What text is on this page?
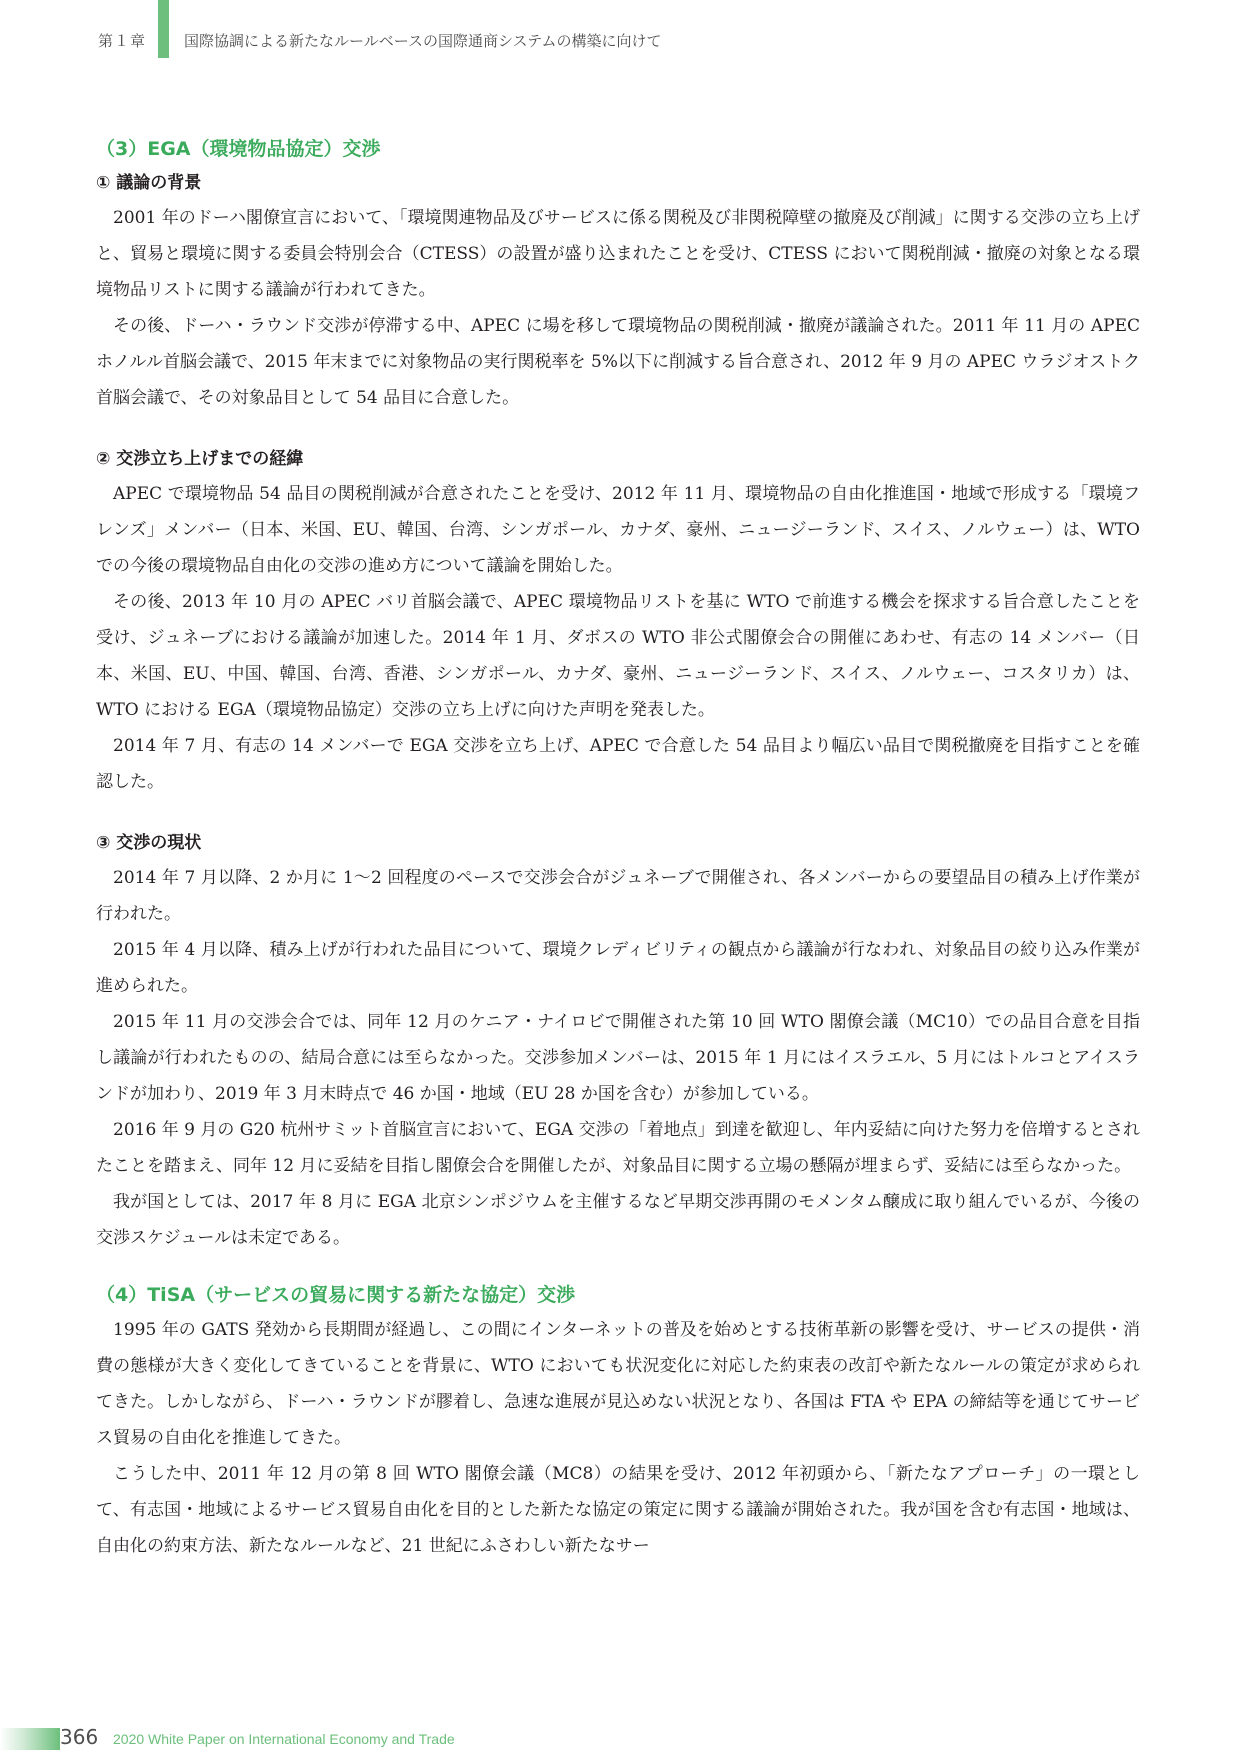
第１章	国際協調による新たなルールベースの国際通商システムの構築に向けて
（3）EGA（環境物品協定）交渉
① 議論の背景

2001 年のドーハ閣僚宣言において、「環境関連物品及びサービスに係る関税及び非関税障壁の撤廃及び削減」に関する交渉の立ち上げと、貿易と環境に関する委員会特別会合（CTESS）の設置が盛り込まれたことを受け、CTESS において関税削減・撤廃の対象となる環境物品リストに関する議論が行われてきた。

その後、ドーハ・ラウンド交渉が停滞する中、APEC に場を移して環境物品の関税削減・撤廃が議論された。2011 年 11 月の APEC ホノルル首脳会議で、2015 年末までに対象物品の実行関税率を 5%以下に削減する旨合意され、2012 年 9 月の APEC ウラジオストク首脳会議で、その対象品目として 54 品目に合意した。

② 交渉立ち上げまでの経緯

APEC で環境物品 54 品目の関税削減が合意されたことを受け、2012 年 11 月、環境物品の自由化推進国・地域で形成する「環境フレンズ」メンバー（日本、米国、EU、韓国、台湾、シンガポール、カナダ、豪州、ニュージーランド、スイス、ノルウェー）は、WTO での今後の環境物品自由化の交渉の進め方について議論を開始した。

その後、2013 年 10 月の APEC バリ首脳会議で、APEC 環境物品リストを基に WTO で前進する機会を探求する旨合意したことを受け、ジュネーブにおける議論が加速した。2014 年 1 月、ダボスの WTO 非公式閣僚会合の開催にあわせ、有志の 14 メンバー（日本、米国、EU、中国、韓国、台湾、香港、シンガポール、カナダ、豪州、ニュージーランド、スイス、ノルウェー、コスタリカ）は、WTO における EGA（環境物品協定）交渉の立ち上げに向けた声明を発表した。

2014 年 7 月、有志の 14 メンバーで EGA 交渉を立ち上げ、APEC で合意した 54 品目より幅広い品目で関税撤廃を目指すことを確認した。

③ 交渉の現状

2014 年 7 月以降、2 か月に 1～2 回程度のペースで交渉会合がジュネーブで開催され、各メンバーからの要望品目の積み上げ作業が行われた。

2015 年 4 月以降、積み上げが行われた品目について、環境クレディビリティの観点から議論が行なわれ、対象品目の絞り込み作業が進められた。

2015 年 11 月の交渉会合では、同年 12 月のケニア・ナイロビで開催された第 10 回 WTO 閣僚会議（MC10）での品目合意を目指し議論が行われたものの、結局合意には至らなかった。交渉参加メンバーは、2015 年 1 月にはイスラエル、5 月にはトルコとアイスランドが加わり、2019 年 3 月末時点で 46 か国・地域（EU 28 か国を含む）が参加している。

2016 年 9 月の G20 杭州サミット首脳宣言において、EGA 交渉の「着地点」到達を歓迎し、年内妥結に向けた努力を倍増するとされたことを踏まえ、同年 12 月に妥結を目指し閣僚会合を開催したが、対象品目に関する立場の懸隔が埋まらず、妥結には至らなかった。

我が国としては、2017 年 8 月に EGA 北京シンポジウムを主催するなど早期交渉再開のモメンタム醸成に取り組んでいるが、今後の交渉スケジュールは未定である。

（4）TiSA（サービスの貿易に関する新たな協定）交渉

1995 年の GATS 発効から長期間が経過し、この間にインターネットの普及を始めとする技術革新の影響を受け、サービスの提供・消費の態様が大きく変化してきていることを背景に、WTO においても状況変化に対応した約束表の改訂や新たなルールの策定が求められてきた。しかしながら、ドーハ・ラウンドが膠着し、急速な進展が見込めない状況となり、各国は FTA や EPA の締結等を通じてサービス貿易の自由化を推進してきた。

こうした中、2011 年 12 月の第 8 回 WTO 閣僚会議（MC8）の結果を受け、2012 年初頭から、「新たなアプローチ」の一環として、有志国・地域によるサービス貿易自由化を目的とした新たな協定の策定に関する議論が開始された。我が国を含む有志国・地域は、自由化の約束方法、新たなルールなど、21 世紀にふさわしい新たなサー

366 2020 White Paper on International Economy and Trade
